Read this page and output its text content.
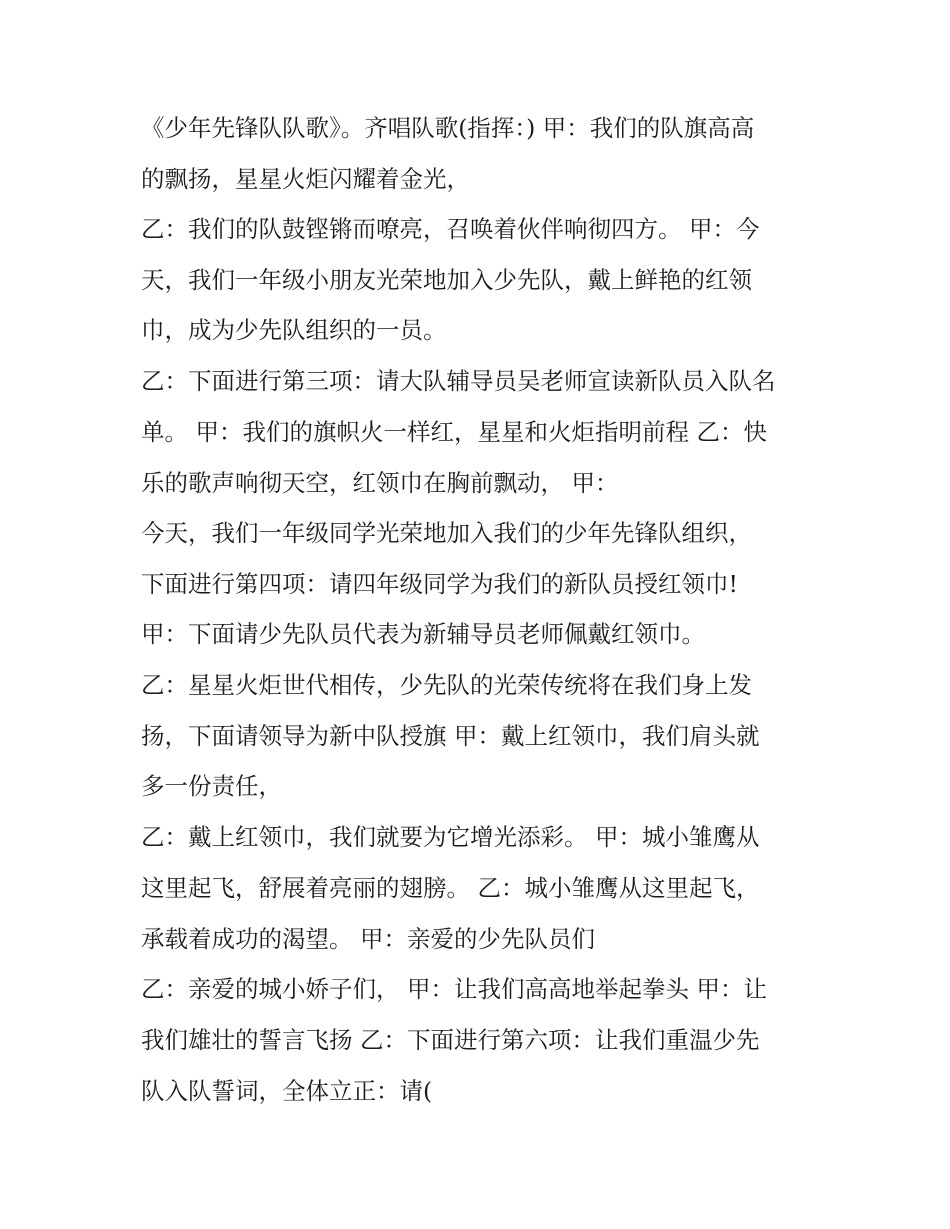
《少年先锋队队歌》。齐唱队歌(指挥：) 甲：我们的队旗高高

的飘扬，星星火炬闪耀着金光，

乙：我们的队鼓铿锵而嘹亮，召唤着伙伴响彻四方。 甲：今

天，我们一年级小朋友光荣地加入少先队，戴上鲜艳的红领

巾，成为少先队组织的一员。

乙：下面进行第三项：请大队辅导员吴老师宣读新队员入队名

单。 甲：我们的旗帜火一样红，星星和火炬指明前程 乙：快

乐的歌声响彻天空，红领巾在胸前飘动， 甲：

今天，我们一年级同学光荣地加入我们的少年先锋队组织，

下面进行第四项：请四年级同学为我们的新队员授红领巾!

甲：下面请少先队员代表为新辅导员老师佩戴红领巾。

乙：星星火炬世代相传，少先队的光荣传统将在我们身上发

扬，下面请领导为新中队授旗 甲：戴上红领巾，我们肩头就

多一份责任，

乙：戴上红领巾，我们就要为它增光添彩。 甲：城小雏鹰从

这里起飞，舒展着亮丽的翅膀。 乙：城小雏鹰从这里起飞，

承载着成功的渴望。 甲：亲爱的少先队员们

乙：亲爱的城小娇子们， 甲：让我们高高地举起拳头 甲：让

我们雄壮的誓言飞扬 乙：下面进行第六项：让我们重温少先

队入队誓词，全体立正：请(
